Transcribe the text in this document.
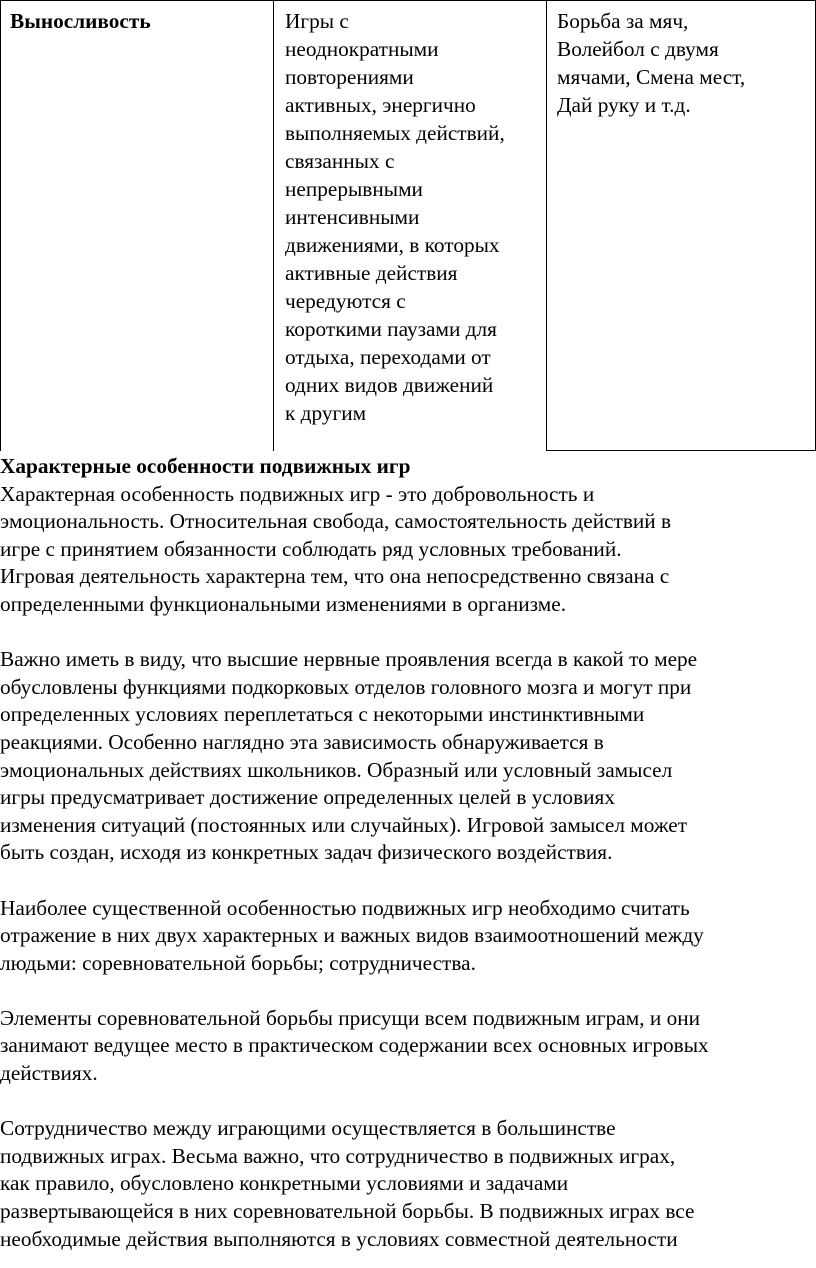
Выносливость	Игры с
неоднократными
повторениями
активных, энергично
выполняемых действий,
связанных с
непрерывными
интенсивными
движениями, в которых
активные действия
чередуются с
короткими паузами для
отдыха, переходами от
одних видов движений
к другим
Борьба за мяч,
Волейбол с двумя
мячами, Смена мест,
Дай руку и т.д.
Характерные особенности подвижных игр
Характерная особенность подвижных игр - это добровольность и
эмоциональность. Относительная свобода, самостоятельность действий в
игре с принятием обязанности соблюдать ряд условных требований.
Игровая деятельность характерна тем, что она непосредственно связана с
определенными функциональными изменениями в организме.
Важно иметь в виду, что высшие нервные проявления всегда в какой то мере
обусловлены функциями подкорковых отделов головного мозга и могут при
определенных условиях переплетаться с некоторыми инстинктивными
реакциями. Особенно наглядно эта зависимость обнаруживается в
эмоциональных действиях школьников. Образный или условный замысел
игры предусматривает достижение определенных целей в условиях
изменения ситуаций (постоянных или случайных). Игровой замысел может
быть создан, исходя из конкретных задач физического воздействия.
Наиболее существенной особенностью подвижных игр необходимо считать
отражение в них двух характерных и важных видов взаимоотношений между
людьми: соревновательной борьбы; сотрудничества.
Элементы соревновательной борьбы присущи всем подвижным играм, и они
занимают ведущее место в практическом содержании всех основных игровых
действиях.
Сотрудничество между играющими осуществляется в большинстве
подвижных играх. Весьма важно, что сотрудничество в подвижных играх,
как правило, обусловлено конкретными условиями и задачами
развертывающейся в них соревновательной борьбы. В подвижных играх все
необходимые действия выполняются в условиях совместной деятельности
